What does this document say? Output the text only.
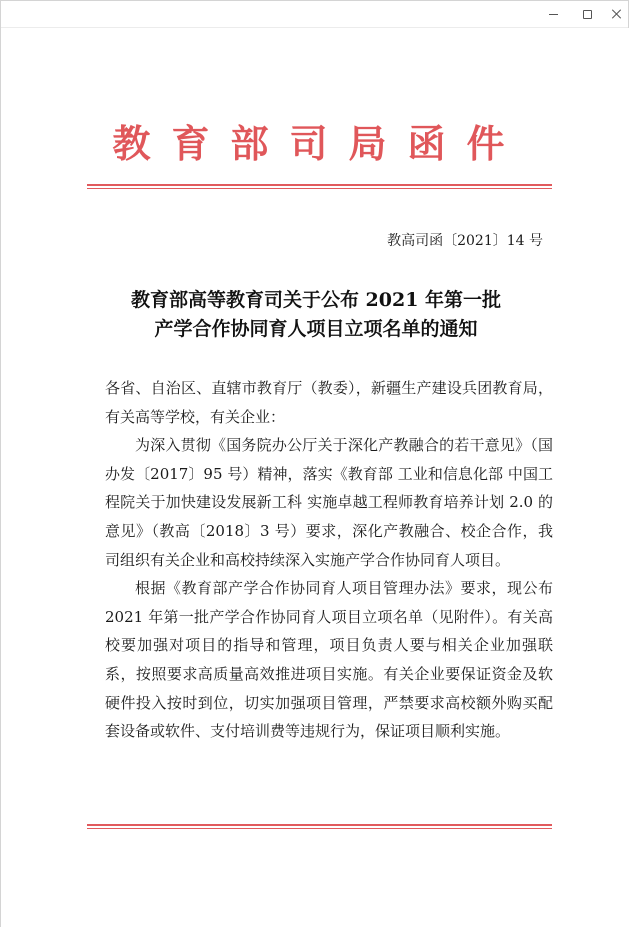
教育部司局函件
教高司函〔2021〕14 号
教育部高等教育司关于公布 2021 年第一批
产学合作协同育人项目立项名单的通知

各省、自治区、直辖市教育厅（教委），新疆生产建设兵团教育局，有关高等学校，有关企业：

为深入贯彻《国务院办公厅关于深化产教融合的若干意见》（国办发〔2017〕95 号）精神，落实《教育部 工业和信息化部 中国工程院关于加快建设发展新工科 实施卓越工程师教育培养计划 2.0 的意见》（教高〔2018〕3 号）要求，深化产教融合、校企合作，我司组织有关企业和高校持续深入实施产学合作协同育人项目。

根据《教育部产学合作协同育人项目管理办法》要求，现公布 2021 年第一批产学合作协同育人项目立项名单（见附件）。有关高校要加强对项目的指导和管理，项目负责人要与相关企业加强联系，按照要求高质量高效推进项目实施。有关企业要保证资金及软硬件投入按时到位，切实加强项目管理，严禁要求高校额外购买配套设备或软件、支付培训费等违规行为，保证项目顺利实施。
